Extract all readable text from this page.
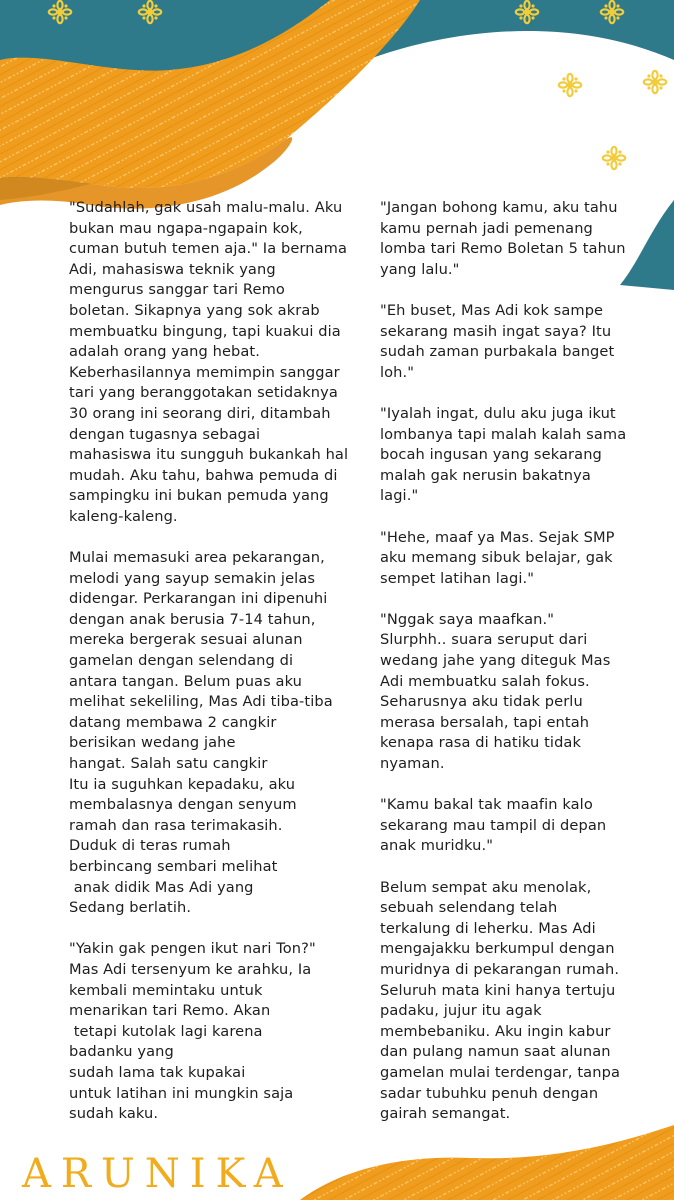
"Sudahlah, gak usah malu-malu. Aku
bukan mau ngapa-ngapain kok,
cuman butuh temen aja." Ia bernama
Adi, mahasiswa teknik yang
mengurus sanggar tari Remo
boletan. Sikapnya yang sok akrab
membuatku bingung, tapi kuakui dia
adalah orang yang hebat.
Keberhasilannya memimpin sanggar
tari yang beranggotakan setidaknya
30 orang ini seorang diri, ditambah
dengan tugasnya sebagai
mahasiswa itu sungguh bukankah hal
mudah. Aku tahu, bahwa pemuda di
sampingku ini bukan pemuda yang
kaleng-kaleng.
Mulai memasuki area pekarangan,
melodi yang sayup semakin jelas
didengar. Perkarangan ini dipenuhi
dengan anak berusia 7-14 tahun,
mereka bergerak sesuai alunan
gamelan dengan selendang di
antara tangan. Belum puas aku
melihat sekeliling, Mas Adi tiba-tiba
datang membawa 2 cangkir
berisikan wedang jahe
hangat. Salah satu cangkir
Itu ia suguhkan kepadaku, aku
membalasnya dengan senyum
ramah dan rasa terimakasih.
Duduk di teras rumah
berbincang sembari melihat
anak didik Mas Adi yang
Sedang berlatih.
"Yakin gak pengen ikut nari Ton?"
Mas Adi tersenyum ke arahku, Ia
kembali memintaku untuk
menarikan tari Remo. Akan
tetapi kutolak lagi karena
badanku yang
sudah lama tak kupakai
untuk latihan ini mungkin saja
sudah kaku.
"Jangan bohong kamu, aku tahu
kamu pernah jadi pemenang
lomba tari Remo Boletan 5 tahun
yang lalu."
"Eh buset, Mas Adi kok sampe
sekarang masih ingat saya? Itu
sudah zaman purbakala banget
loh."
"Iyalah ingat, dulu aku juga ikut
lombanya tapi malah kalah sama
bocah ingusan yang sekarang
malah gak nerusin bakatnya
lagi."
"Hehe, maaf ya Mas. Sejak SMP
aku memang sibuk belajar, gak
sempet latihan lagi."
"Nggak saya maafkan."
Slurphh.. suara seruput dari
wedang jahe yang diteguk Mas
Adi membuatku salah fokus.
Seharusnya aku tidak perlu
merasa bersalah, tapi entah
kenapa rasa di hatiku tidak
nyaman.
"Kamu bakal tak maafin kalo
sekarang mau tampil di depan
anak muridku."
Belum sempat aku menolak,
sebuah selendang telah
terkalung di leherku. Mas Adi
mengajakku berkumpul dengan
muridnya di pekarangan rumah.
Seluruh mata kini hanya tertuju
padaku, jujur itu agak
membebaniku. Aku ingin kabur
dan pulang namun saat alunan
gamelan mulai terdengar, tanpa
sadar tubuhku penuh dengan
gairah semangat.
ARUNIKA
